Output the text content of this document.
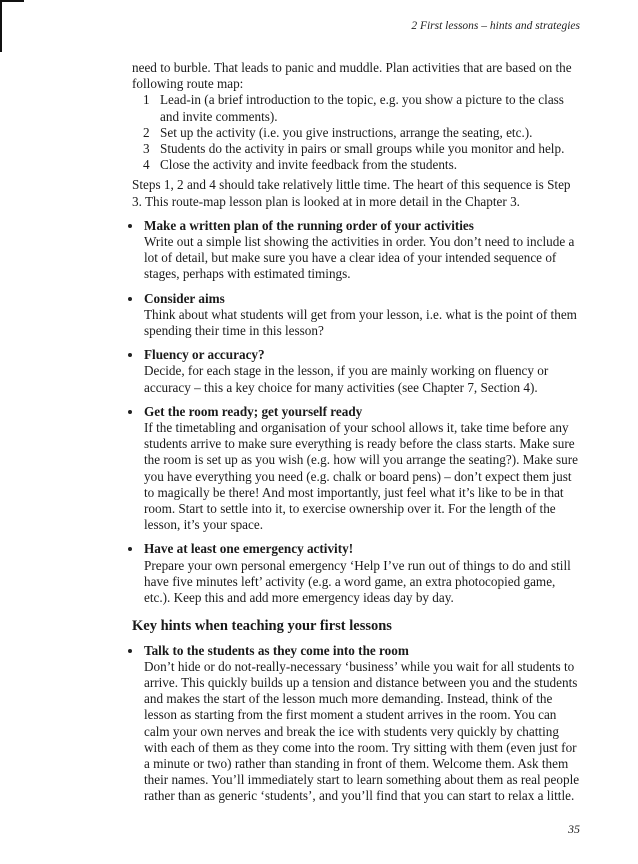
2 First lessons – hints and strategies

need to burble. That leads to panic and muddle. Plan activities that are based on the following route map:

1 Lead-in (a brief introduction to the topic, e.g. you show a picture to the class and invite comments).
2 Set up the activity (i.e. you give instructions, arrange the seating, etc.).
3 Students do the activity in pairs or small groups while you monitor and help.
4 Close the activity and invite feedback from the students.

Steps 1, 2 and 4 should take relatively little time. The heart of this sequence is Step 3. This route-map lesson plan is looked at in more detail in the Chapter 3.

Make a written plan of the running order of your activities
Write out a simple list showing the activities in order. You don’t need to include a lot of detail, but make sure you have a clear idea of your intended sequence of stages, perhaps with estimated timings.
Consider aims
Think about what students will get from your lesson, i.e. what is the point of them spending their time in this lesson?
Fluency or accuracy?
Decide, for each stage in the lesson, if you are mainly working on fluency or accuracy – this a key choice for many activities (see Chapter 7, Section 4).
Get the room ready; get yourself ready
If the timetabling and organisation of your school allows it, take time before any students arrive to make sure everything is ready before the class starts. Make sure the room is set up as you wish (e.g. how will you arrange the seating?). Make sure you have everything you need (e.g. chalk or board pens) – don’t expect them just to magically be there! And most importantly, just feel what it’s like to be in that room. Start to settle into it, to exercise ownership over it. For the length of the lesson, it’s your space.
Have at least one emergency activity!
Prepare your own personal emergency ‘Help I’ve run out of things to do and still have five minutes left’ activity (e.g. a word game, an extra photocopied game, etc.). Keep this and add more emergency ideas day by day.
Key hints when teaching your first lessons
Talk to the students as they come into the room
Don’t hide or do not-really-necessary ‘business’ while you wait for all students to arrive. This quickly builds up a tension and distance between you and the students and makes the start of the lesson much more demanding. Instead, think of the lesson as starting from the first moment a student arrives in the room. You can calm your own nerves and break the ice with students very quickly by chatting with each of them as they come into the room. Try sitting with them (even just for a minute or two) rather than standing in front of them. Welcome them. Ask them their names. You’ll immediately start to learn something about them as real people rather than as generic ‘students’, and you’ll find that you can start to relax a little.
35
